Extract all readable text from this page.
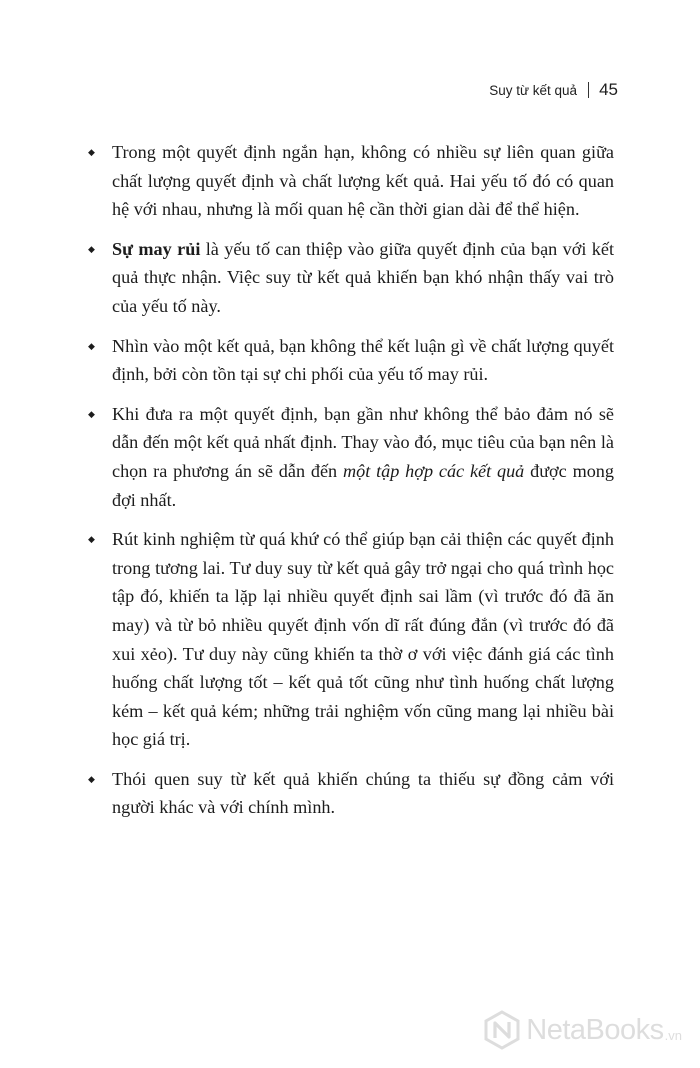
Suy từ kết quả 45
◆ Trong một quyết định ngắn hạn, không có nhiều sự liên quan giữa chất lượng quyết định và chất lượng kết quả. Hai yếu tố đó có quan hệ với nhau, nhưng là mối quan hệ cần thời gian dài để thể hiện.
◆ Sự may rủi là yếu tố can thiệp vào giữa quyết định của bạn với kết quả thực nhận. Việc suy từ kết quả khiến bạn khó nhận thấy vai trò của yếu tố này.
◆ Nhìn vào một kết quả, bạn không thể kết luận gì về chất lượng quyết định, bởi còn tồn tại sự chi phối của yếu tố may rủi.
◆ Khi đưa ra một quyết định, bạn gần như không thể bảo đảm nó sẽ dẫn đến một kết quả nhất định. Thay vào đó, mục tiêu của bạn nên là chọn ra phương án sẽ dẫn đến một tập hợp các kết quả được mong đợi nhất.
◆ Rút kinh nghiệm từ quá khứ có thể giúp bạn cải thiện các quyết định trong tương lai. Tư duy suy từ kết quả gây trở ngại cho quá trình học tập đó, khiến ta lặp lại nhiều quyết định sai lầm (vì trước đó đã ăn may) và từ bỏ nhiều quyết định vốn dĩ rất đúng đắn (vì trước đó đã xui xẻo). Tư duy này cũng khiến ta thờ ơ với việc đánh giá các tình huống chất lượng tốt – kết quả tốt cũng như tình huống chất lượng kém – kết quả kém; những trải nghiệm vốn cũng mang lại nhiều bài học giá trị.
◆ Thói quen suy từ kết quả khiến chúng ta thiếu sự đồng cảm với người khác và với chính mình.
NetaBooks .vn
